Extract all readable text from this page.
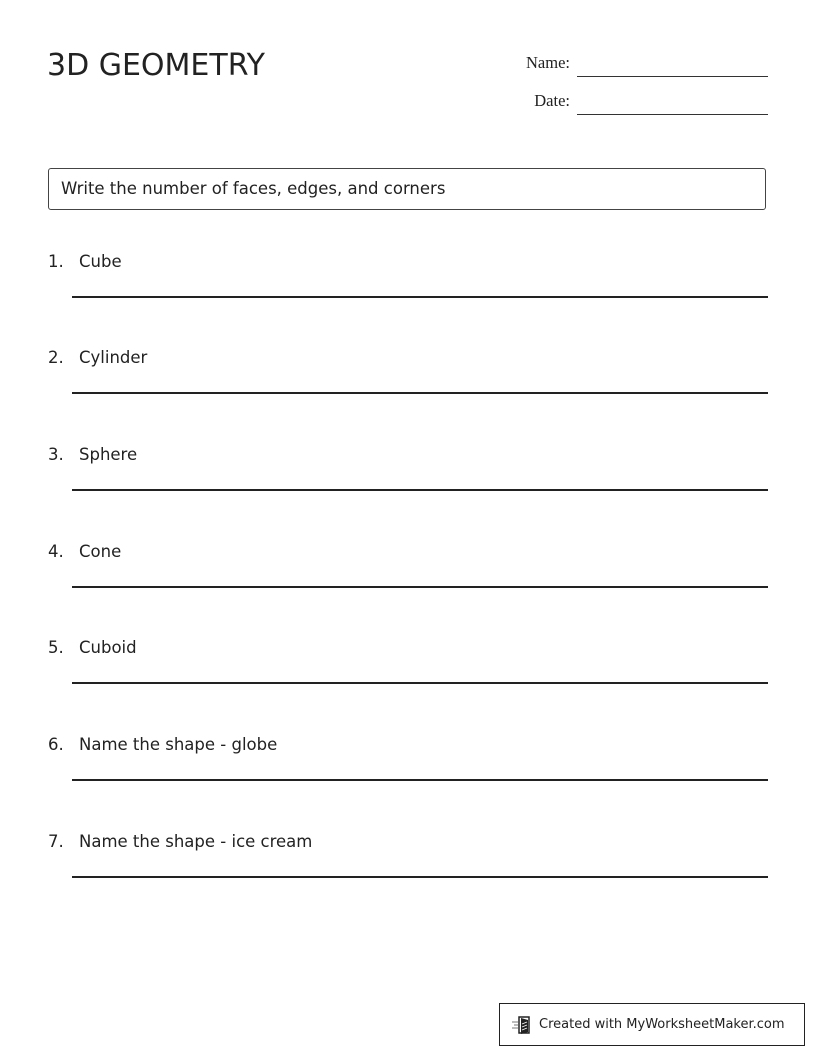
3D GEOMETRY	Name:
Date:
Write the number of faces, edges, and corners
1. Cube
2. Cylinder
3. Sphere
4. Cone
5. Cuboid
6. Name the shape - globe
7. Name the shape - ice cream
Created with MyWorksheetMaker.com
